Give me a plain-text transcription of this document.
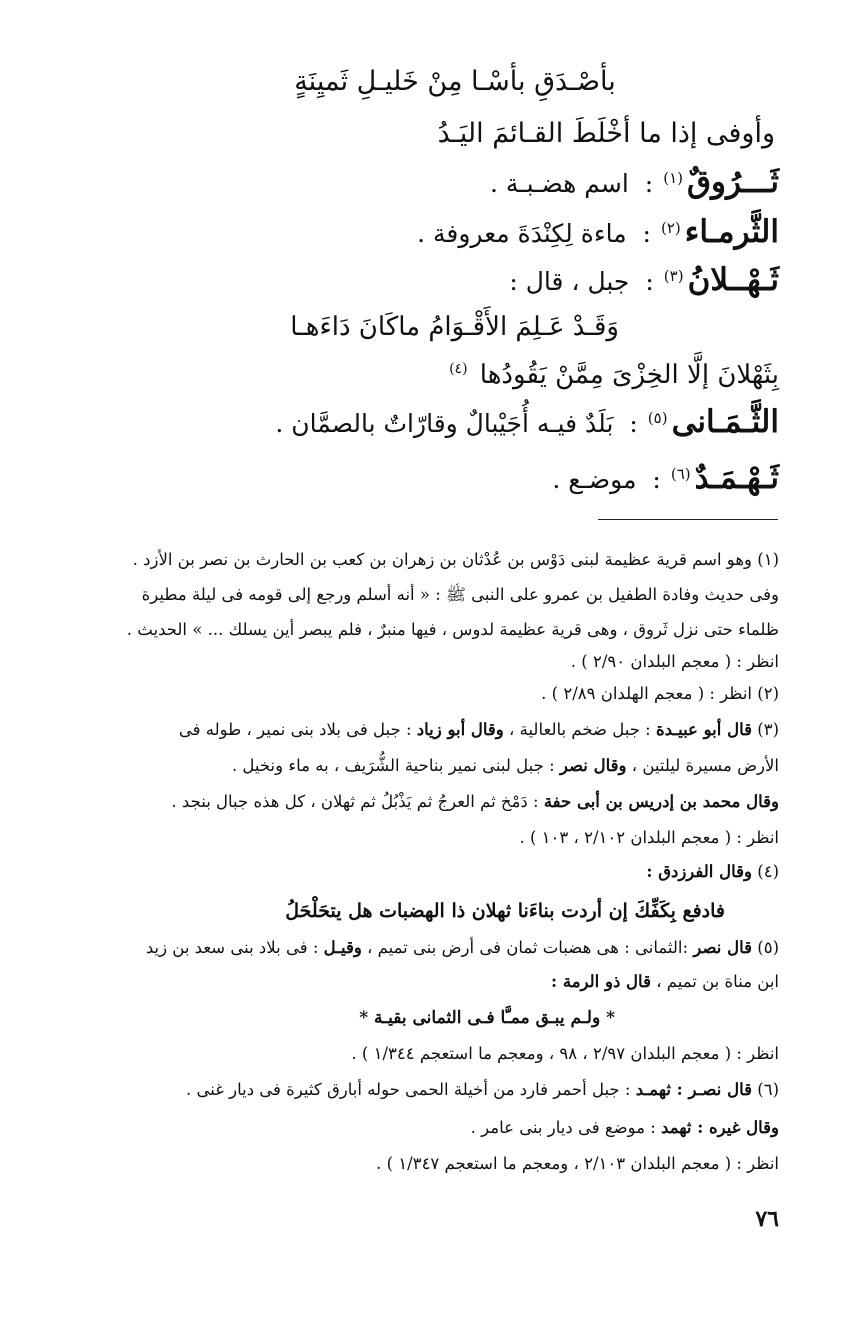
بأصْـدَقِ بأسْـا مِنْ خَليـلِ ثَميِنَةٍ
وأوفى إذا ما أخْلَطَ القـائمَ اليَـدُ
ثَـــرُوقٌ$^{(١)}$: اسم هضـبـة .
الثَّرمـاء$^{(٢)}$: ماءة لِكِنْدَةَ معروفة .
ثَـهْــلانُ$^{(٣)}$: جبل ، قال :
وَقَـدْ عَـلِمَ الأَقْـوَامُ ماكَانَ دَاءَهـا
بِثَهْلانَ إلَّا الخِزْىَ مِمَّنْ يَقُودُها $^{(٤)}$
الثَّـمَـانى$^{(٥)}$: بَلَدٌ فيـه أُجَيْبالٌ وقارّاتٌ بالصمَّان .
ثَـهْـمَـدٌ$^{(٦)}$: موضـع .
(١) وهو اسم قرية عظيمة لبنى دَوْس بن عُدْثان بن زهران بن كعب بن الحارث بن نصر بن الأزد .
وفى حديث وفادة الطفيل بن عمرو على النبى ﷺ : « أنه أسلم ورجع إلى قومه فى ليلة مطيرة
ظلماء حتى نزل ثَروق ، وهى قرية عظيمة لدوس ، فيها منبرٌ ، فلم يبصر أين يسلك ... » الحديث .
انظر : ( معجم البلدان ٢/٩٠ ) .
(٢) انظر : ( معجم الهلدان ٢/٨٩ ) .
(٣) قال أبو عبيـدة : جبل ضخم بالعالية ، وقال أبو زياد : جبل فى بلاد بنى نمير ، طوله فى
الأرض مسيرة ليلتين ، وقال نصر : جبل لبنى نمير بناحية الشُّرَيف ، به ماء ونخيل .
وقال محمد بن إدريس بن أبى حفة : دَمْخ ثم العرجُ ثم يَذْبُلُ ثم ثهلان ، كل هذه جبال بنجد .
انظر : ( معجم البلدان ٢/١٠٢ ، ١٠٣ ) .
(٤) وقال الفرزدق :
فادفع بِكَفِّكَ إن أردت بناءَنا ثهلان ذا الهضبات هل يتحَلْحَلُ
(٥) قال نصر :الثمانى : هى هضبات ثمان فى أرض بنى تميم ، وقيـل : فى بلاد بنى سعد بن زيد
ابن مناة بن تميم ، قال ذو الرمة :
* ولـم يبـق ممـَّا فـى الثمانى بقيـة *
انظر : ( معجم البلدان ٢/٩٧ ، ٩٨ ، ومعجم ما استعجم ١/٣٤٤ ) .
(٦) قال نصـر : ثهمـد : جبل أحمر فارد من أخيلة الحمى حوله أبارق كثيرة فى ديار غنى .
وقال غيره : ثهمد : موضع فى ديار بنى عامر .
انظر : ( معجم البلدان ٢/١٠٣ ، ومعجم ما استعجم ١/٣٤٧ ) .
٧٦
